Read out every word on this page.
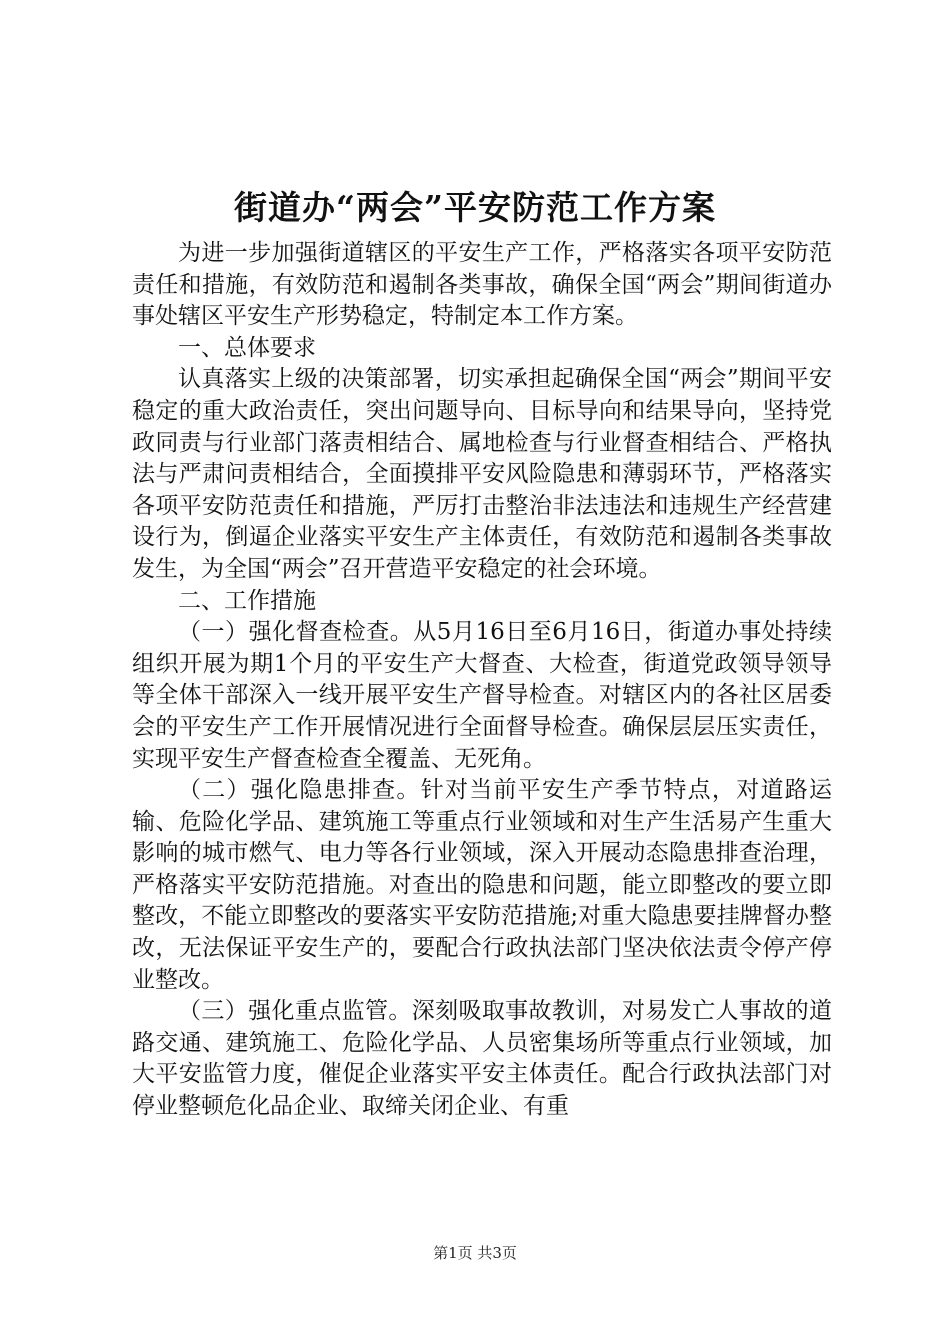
街道办“两会”平安防范工作方案

为进一步加强街道辖区的平安生产工作，严格落实各项平安防范责任和措施，有效防范和遏制各类事故，确保全国“两会”期间街道办事处辖区平安生产形势稳定，特制定本工作方案。

一、总体要求

认真落实上级的决策部署，切实承担起确保全国“两会”期间平安稳定的重大政治责任，突出问题导向、目标导向和结果导向，坚持党政同责与行业部门落责相结合、属地检查与行业督查相结合、严格执法与严肃问责相结合，全面摸排平安风险隐患和薄弱环节，严格落实各项平安防范责任和措施，严厉打击整治非法违法和违规生产经营建设行为，倒逼企业落实平安生产主体责任，有效防范和遏制各类事故发生，为全国“两会”召开营造平安稳定的社会环境。

二、工作措施

（一）强化督查检查。从5月16日至6月16日，街道办事处持续组织开展为期1个月的平安生产大督查、大检查，街道党政领导领导等全体干部深入一线开展平安生产督导检查。对辖区内的各社区居委会的平安生产工作开展情况进行全面督导检查。确保层层压实责任，实现平安生产督查检查全覆盖、无死角。

（二）强化隐患排查。针对当前平安生产季节特点，对道路运输、危险化学品、建筑施工等重点行业领域和对生产生活易产生重大影响的城市燃气、电力等各行业领域，深入开展动态隐患排查治理，严格落实平安防范措施。对查出的隐患和问题，能立即整改的要立即整改，不能立即整改的要落实平安防范措施;对重大隐患要挂牌督办整改，无法保证平安生产的，要配合行政执法部门坚决依法责令停产停业整改。

（三）强化重点监管。深刻吸取事故教训，对易发亡人事故的道路交通、建筑施工、危险化学品、人员密集场所等重点行业领域，加大平安监管力度，催促企业落实平安主体责任。配合行政执法部门对停业整顿危化品企业、取缔关闭企业、有重

第1页 共3页
